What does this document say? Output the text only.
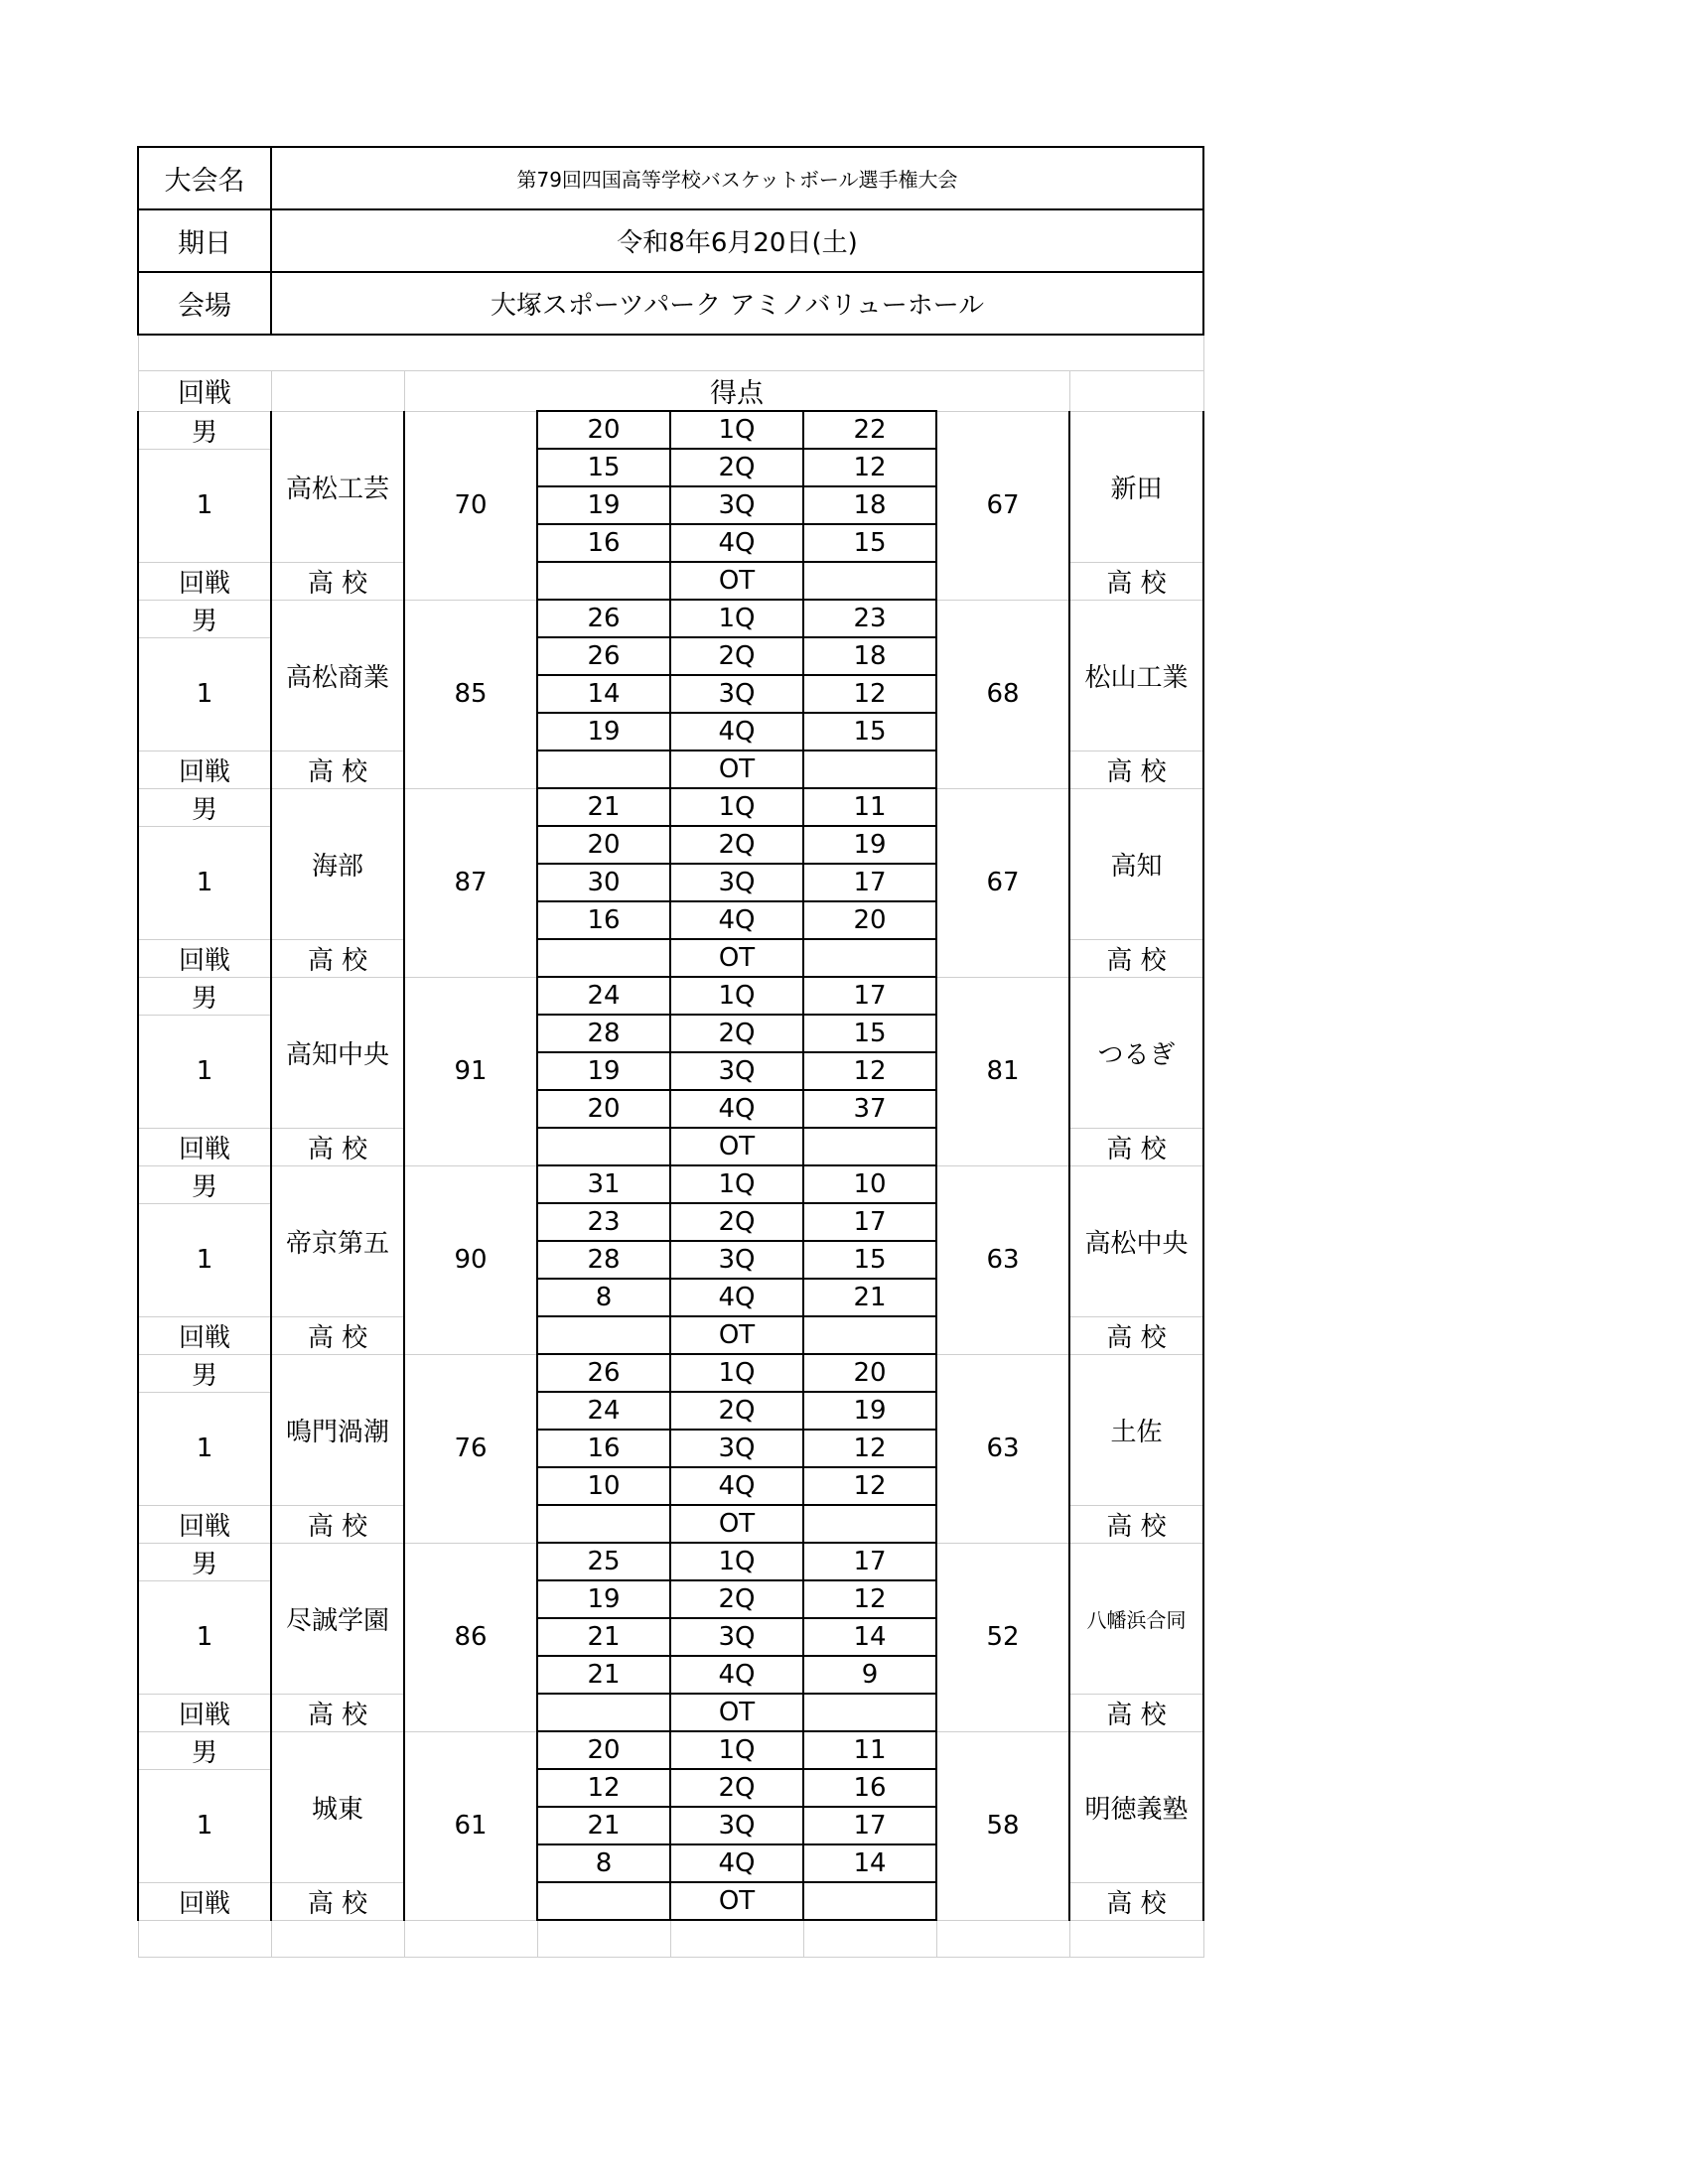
大会名	第79回四国高等学校バスケットボール選手権大会						
期日	令和8年6月20日(土)						
会場	大塚スポーツパーク アミノバリューホール						

回戦		得点					
男	高松工芸	70	20	1Q	22	67	新田
1			15	2Q	12		
			19	3Q	18		
			16	4Q	15		
回戦	高 校			OT			高 校
男	高松商業	85	26	1Q	23	68	松山工業
1			26	2Q	18		
			14	3Q	12		
			19	4Q	15		
回戦	高 校			OT			高 校
男	海部	87	21	1Q	11	67	高知
1			20	2Q	19		
			30	3Q	17		
			16	4Q	20		
回戦	高 校			OT			高 校
男	高知中央	91	24	1Q	17	81	つるぎ
1			28	2Q	15		
			19	3Q	12		
			20	4Q	37		
回戦	高 校			OT			高 校
男	帝京第五	90	31	1Q	10	63	高松中央
1			23	2Q	17		
			28	3Q	15		
			8	4Q	21		
回戦	高 校			OT			高 校
男	鳴門渦潮	76	26	1Q	20	63	土佐
1			24	2Q	19		
			16	3Q	12		
			10	4Q	12		
回戦	高 校			OT			高 校
男	尽誠学園	86	25	1Q	17	52	八幡浜合同
1			19	2Q	12		
			21	3Q	14		
			21	4Q	9		
回戦	高 校			OT			高 校
男	城東	61	20	1Q	11	58	明徳義塾
1			12	2Q	16		
			21	3Q	17		
			8	4Q	14		
回戦	高 校			OT			高 校
